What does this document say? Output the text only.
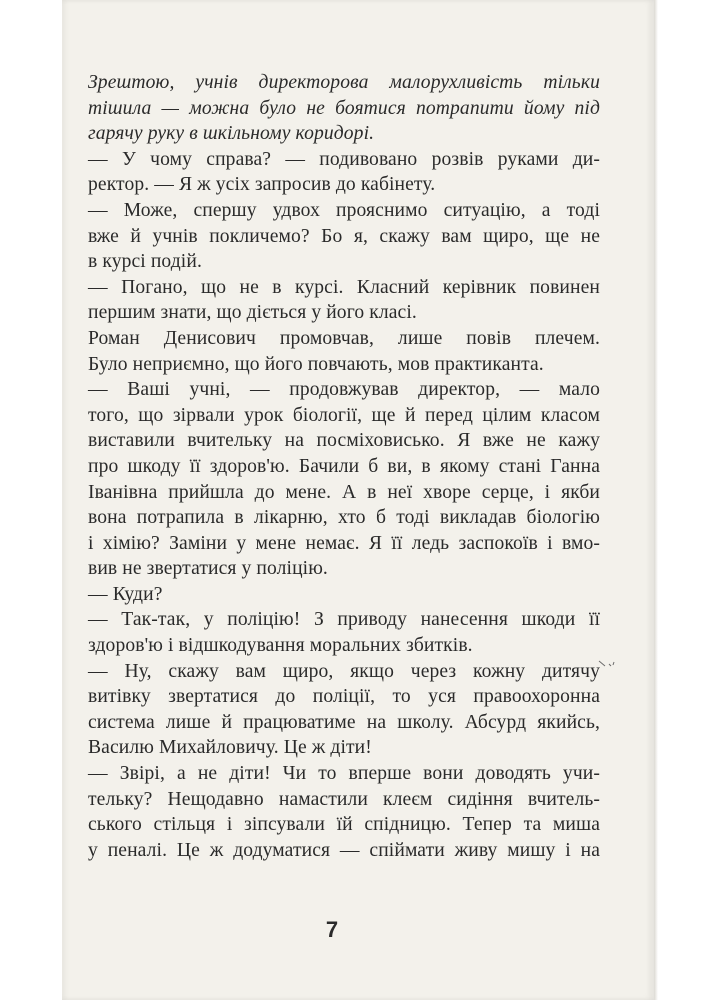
Зрештою, учнів директорова малорухливість тільки
тішила — можна було не боятися потрапити йому під
гарячу руку в шкільному коридорі.
— У чому справа? — подивовано розвів руками ди-
ректор. — Я ж усіх запросив до кабінету.
— Може, спершу удвох прояснимо ситуацію, а тоді
вже й учнів покличемо? Бо я, скажу вам щиро, ще не
в курсі подій.
— Погано, що не в курсі. Класний керівник повинен
першим знати, що діється у його класі.
Роман Денисович промовчав, лише повів плечем.
Було неприємно, що його повчають, мов практиканта.
— Ваші учні, — продовжував директор, — мало
того, що зірвали урок біології, ще й перед цілим класом
виставили вчительку на посміховисько. Я вже не кажу
про шкоду її здоров'ю. Бачили б ви, в якому стані Ганна
Іванівна прийшла до мене. А в неї хворе серце, і якби
вона потрапила в лікарню, хто б тоді викладав біологію
і хімію? Заміни у мене немає. Я її ледь заспокоїв і вмо-
вив не звертатися у поліцію.
— Куди?
— Так-так, у поліцію! З приводу нанесення шкоди її
здоров'ю і відшкодування моральних збитків.
— Ну, скажу вам щиро, якщо через кожну дитячу
витівку звертатися до поліції, то уся правоохоронна
система лише й працюватиме на школу. Абсурд якийсь,
Василю Михайловичу. Це ж діти!
— Звірі, а не діти! Чи то вперше вони доводять учи-
тельку? Нещодавно намастили клеєм сидіння вчитель-
ського стільця і зіпсували їй спідницю. Тепер та миша
у пеналі. Це ж додуматися — спіймати живу мишу і на
7
